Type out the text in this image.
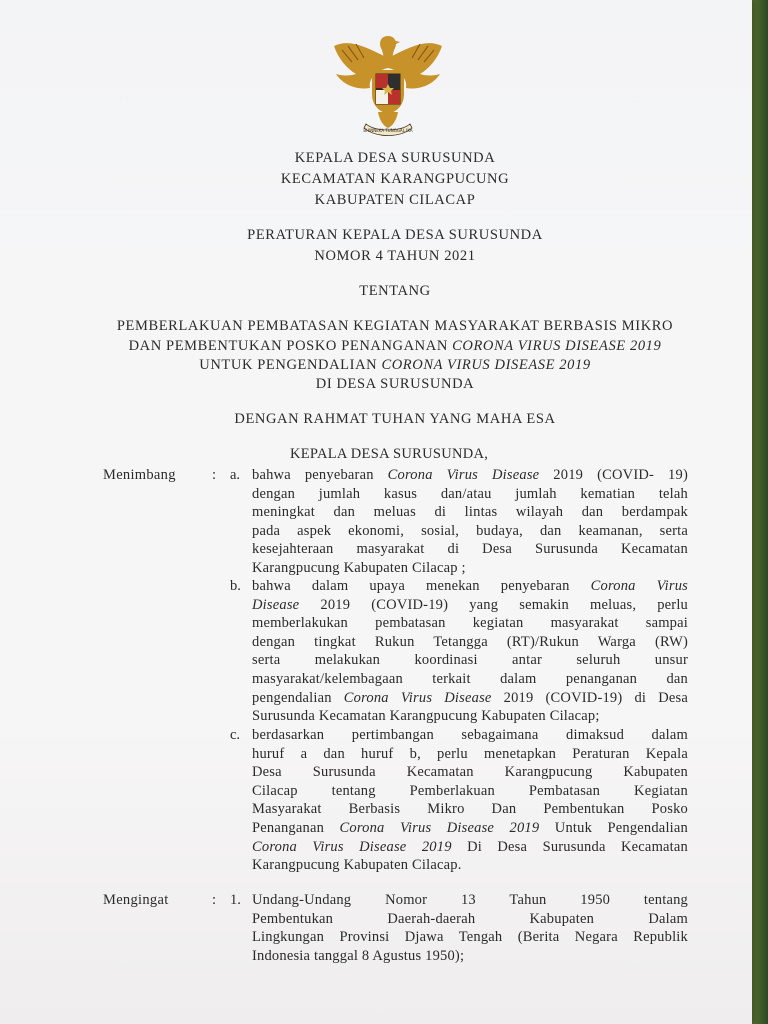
BHINNEKA TUNGGAL IKA
KEPALA DESA SURUSUNDA
KECAMATAN KARANGPUCUNG
KABUPATEN CILACAP
PERATURAN KEPALA DESA SURUSUNDA
NOMOR 4 TAHUN 2021
TENTANG
PEMBERLAKUAN PEMBATASAN KEGIATAN MASYARAKAT BERBASIS MIKRO
DAN PEMBENTUKAN POSKO PENANGANAN CORONA VIRUS DISEASE 2019
UNTUK PENGENDALIAN CORONA VIRUS DISEASE 2019
DI DESA SURUSUNDA
DENGAN RAHMAT TUHAN YANG MAHA ESA
KEPALA DESA SURUSUNDA,
Menimbang : a. bahwa penyebaran Corona Virus Disease 2019 (COVID- 19)
dengan jumlah kasus dan/atau jumlah kematian telah
meningkat dan meluas di lintas wilayah dan berdampak
pada aspek ekonomi, sosial, budaya, dan keamanan, serta
kesejahteraan masyarakat di Desa Surusunda Kecamatan
Karangpucung Kabupaten Cilacap ;
b. bahwa dalam upaya menekan penyebaran Corona Virus
Disease 2019 (COVID-19) yang semakin meluas, perlu
memberlakukan pembatasan kegiatan masyarakat sampai
dengan tingkat Rukun Tetangga (RT)/Rukun Warga (RW)
serta melakukan koordinasi antar seluruh unsur
masyarakat/kelembagaan terkait dalam penanganan dan
pengendalian Corona Virus Disease 2019 (COVID-19) di Desa
Surusunda Kecamatan Karangpucung Kabupaten Cilacap;
c. berdasarkan pertimbangan sebagaimana dimaksud dalam
huruf a dan huruf b, perlu menetapkan Peraturan Kepala
Desa Surusunda Kecamatan Karangpucung Kabupaten
Cilacap tentang Pemberlakuan Pembatasan Kegiatan
Masyarakat Berbasis Mikro Dan Pembentukan Posko
Penanganan Corona Virus Disease 2019 Untuk Pengendalian
Corona Virus Disease 2019 Di Desa Surusunda Kecamatan
Karangpucung Kabupaten Cilacap.
Mengingat	: 1. Undang-Undang Nomor 13 Tahun 1950 tentang
Pembentukan Daerah-daerah Kabupaten Dalam
Lingkungan Provinsi Djawa Tengah (Berita Negara Republik
Indonesia tanggal 8 Agustus 1950);
